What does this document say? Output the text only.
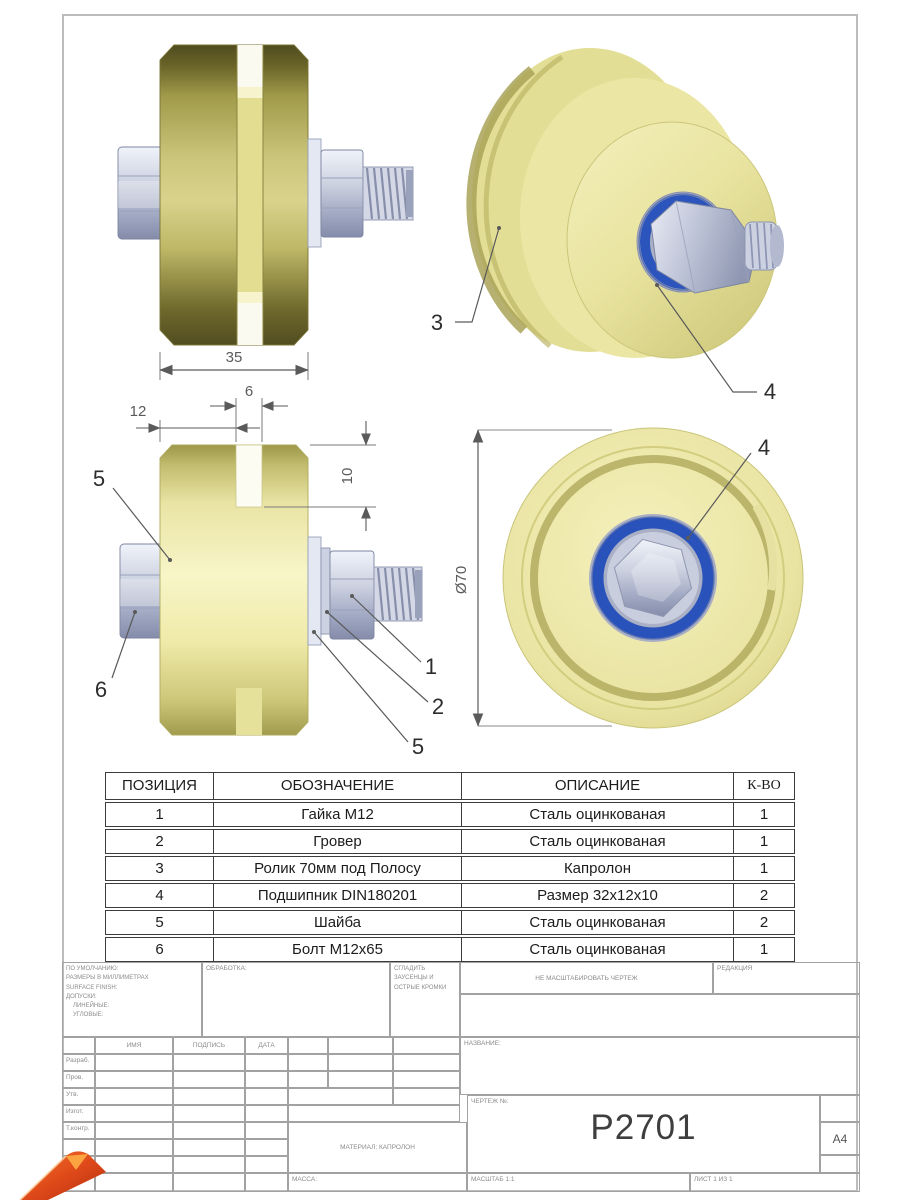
35
3
4
12
6
10
5
6
1
2
5
Ø70
4
ПОЗИЦИЯ	ОБОЗНАЧЕНИЕ	ОПИСАНИЕ	К-ВО
1	Гайка М12	Сталь оцинкованая	1
2	Гровер	Сталь оцинкованая	1
3	Ролик 70мм под Полосу	Капролон	1
4	Подшипник DIN180201	Размер 32х12х10	2
5	Шайба	Сталь оцинкованая	2
6	Болт М12х65	Сталь оцинкованая	1
ПО УМОЛЧАНИЮ:
РАЗМЕРЫ В МИЛЛИМЕТРАХ
SURFACE FINISH:
ДОПУСКИ:
ЛИНЕЙНЫЕ:
УГЛОВЫЕ:
ОБРАБОТКА:	СГЛАДИТЬ
ЗАУСЕНЦЫ И
ОСТРЫЕ КРОМКИ
НЕ МАСШТАБИРОВАТЬ ЧЕРТЕЖ
РЕДАКЦИЯ
НАЗВАНИЕ:
ИМЯ	ПОДПИСЬ	ДАТА
Разраб.
Пров.
Утв.
Изгот.
Т.контр.
МАТЕРИАЛ: КАПРОЛОН
ЧЕРТЕЖ №:
P2701	A4
МАССА:	МАСШТАБ 1:1	ЛИСТ 1 ИЗ 1
